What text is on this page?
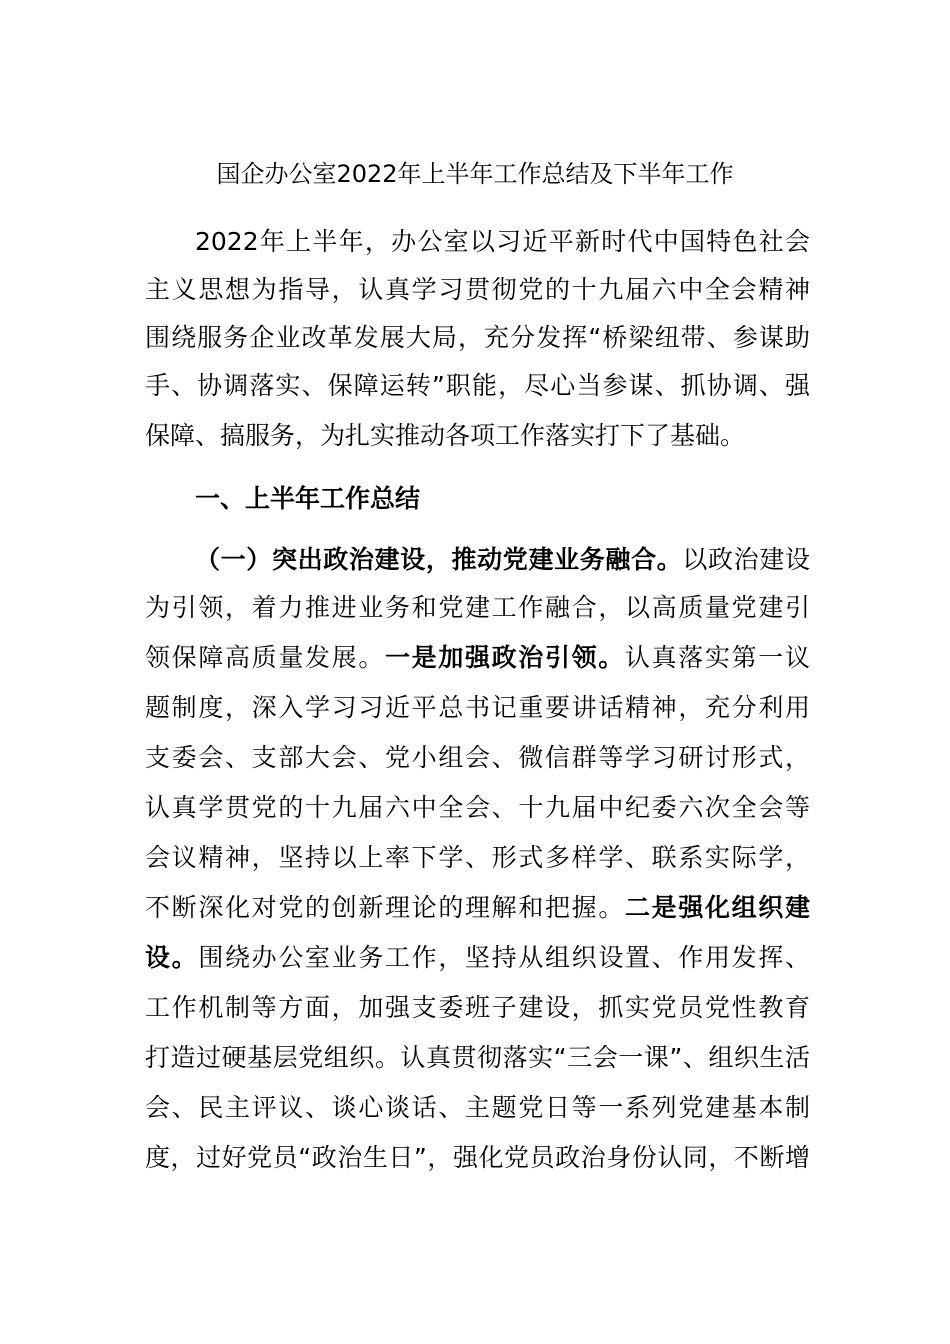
国企办公室2022年上半年工作总结及下半年工作

2022年上半年，办公室以习近平新时代中国特色社会

主义思想为指导，认真学习贯彻党的十九届六中全会精神

围绕服务企业改革发展大局，充分发挥“桥梁纽带、参谋助

手、协调落实、保障运转”职能，尽心当参谋、抓协调、强

保障、搞服务，为扎实推动各项工作落实打下了基础。

一、上半年工作总结

（一）突出政治建设，推动党建业务融合。以政治建设

为引领，着力推进业务和党建工作融合，以高质量党建引

领保障高质量发展。一是加强政治引领。认真落实第一议

题制度，深入学习习近平总书记重要讲话精神，充分利用

支委会、支部大会、党小组会、微信群等学习研讨形式，

认真学贯党的十九届六中全会、十九届中纪委六次全会等

会议精神，坚持以上率下学、形式多样学、联系实际学，

不断深化对党的创新理论的理解和把握。二是强化组织建

设。围绕办公室业务工作，坚持从组织设置、作用发挥、

工作机制等方面，加强支委班子建设，抓实党员党性教育

打造过硬基层党组织。认真贯彻落实“三会一课”、组织生活

会、民主评议、谈心谈话、主题党日等一系列党建基本制

度，过好党员“政治生日”，强化党员政治身份认同，不断增
